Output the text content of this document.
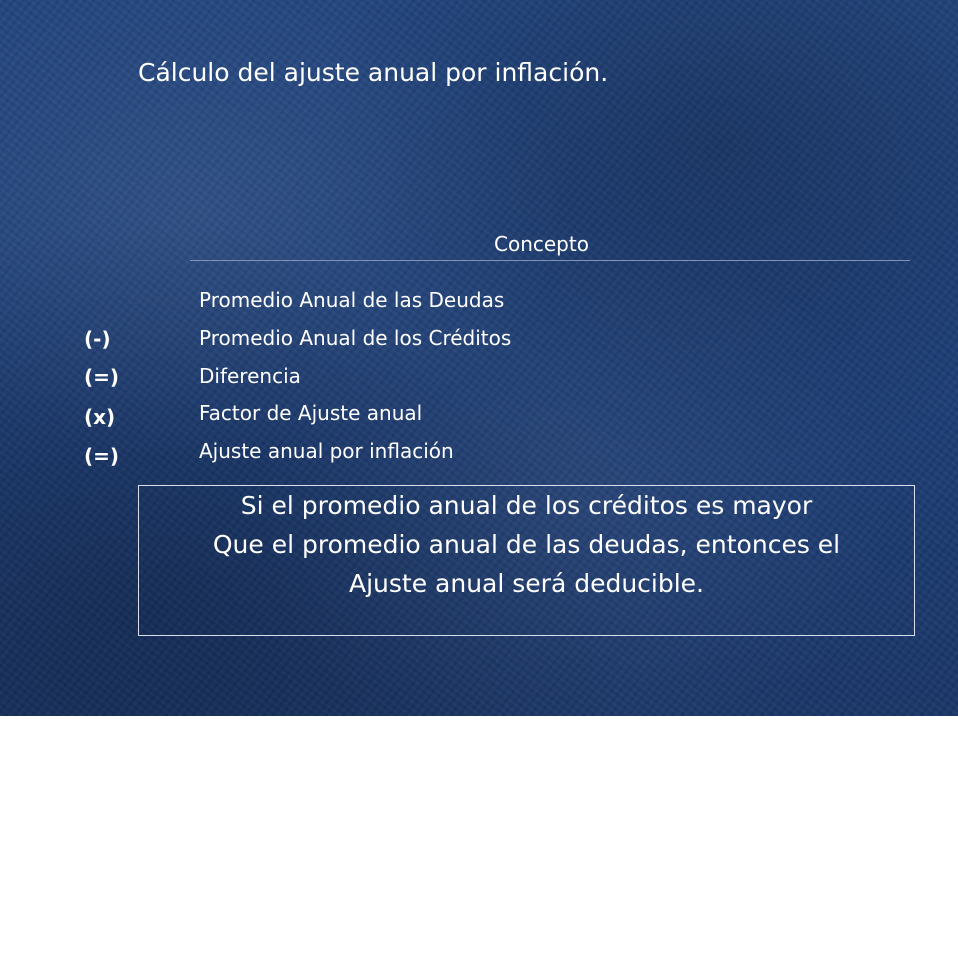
Cálculo del ajuste anual por inflación.
Concepto
Promedio Anual de las Deudas
(-)	Promedio Anual de los Créditos
(=)	Diferencia
(x)	Factor de Ajuste anual
(=)	Ajuste anual por inflación
Si el promedio anual de los créditos es mayor
Que el promedio anual de las deudas, entonces el
Ajuste anual será deducible.
